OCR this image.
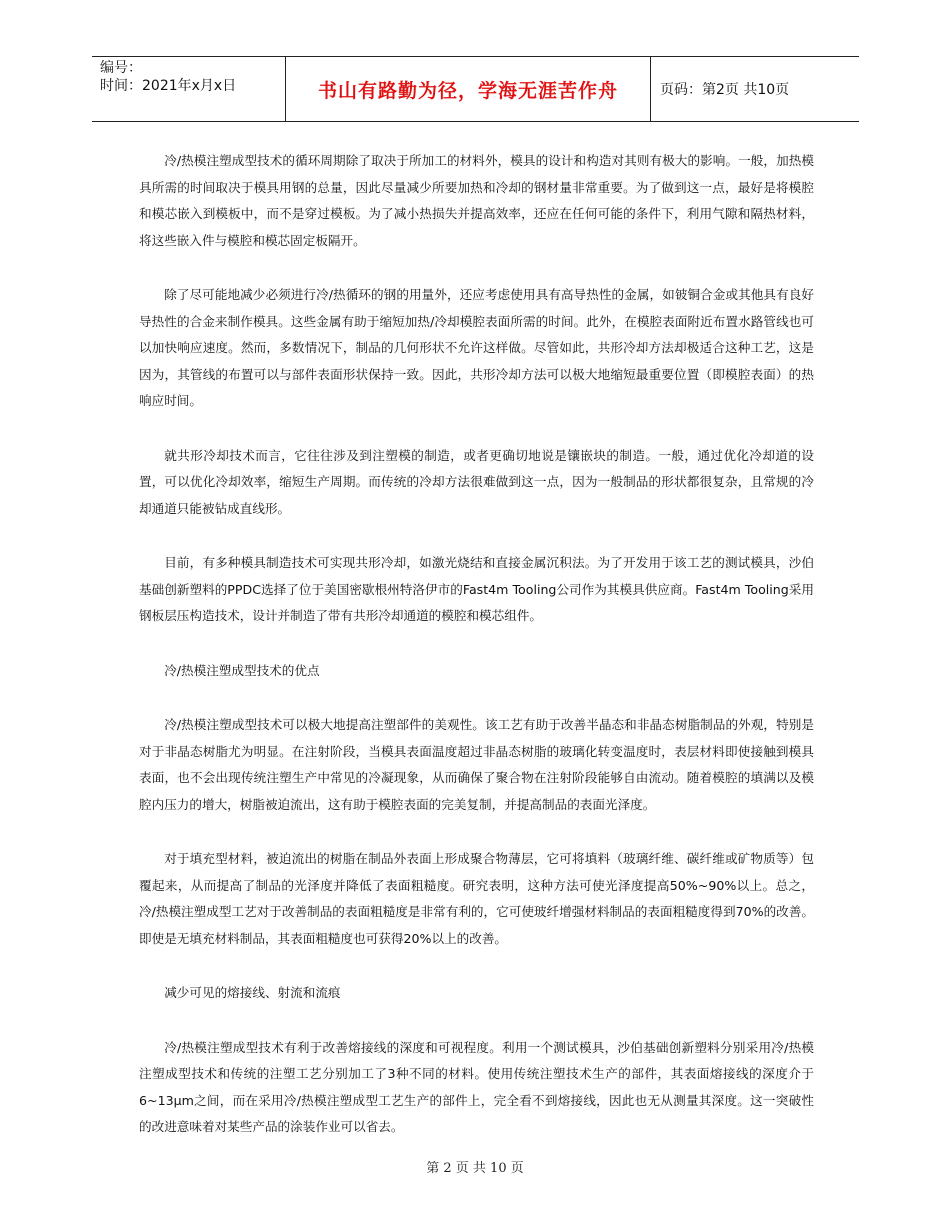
编号：
时间：2021年x月x日	书山有路勤为径，学海无涯苦作舟	页码：第2页 共10页

冷/热模注塑成型技术的循环周期除了取决于所加工的材料外，模具的设计和构造对其则有极大的影响。一般，加热模具所需的时间取决于模具用钢的总量，因此尽量减少所要加热和冷却的钢材量非常重要。为了做到这一点，最好是将模腔和模芯嵌入到模板中，而不是穿过模板。为了减小热损失并提高效率，还应在任何可能的条件下，利用气隙和隔热材料，将这些嵌入件与模腔和模芯固定板隔开。

除了尽可能地减少必须进行冷/热循环的钢的用量外，还应考虑使用具有高导热性的金属，如铍铜合金或其他具有良好导热性的合金来制作模具。这些金属有助于缩短加热/冷却模腔表面所需的时间。此外，在模腔表面附近布置水路管线也可以加快响应速度。然而，多数情况下，制品的几何形状不允许这样做。尽管如此，共形冷却方法却极适合这种工艺，这是因为，其管线的布置可以与部件表面形状保持一致。因此，共形冷却方法可以极大地缩短最重要位置（即模腔表面）的热响应时间。

就共形冷却技术而言，它往往涉及到注塑模的制造，或者更确切地说是镶嵌块的制造。一般，通过优化冷却道的设置，可以优化冷却效率，缩短生产周期。而传统的冷却方法很难做到这一点，因为一般制品的形状都很复杂，且常规的冷却通道只能被钻成直线形。

目前，有多种模具制造技术可实现共形冷却，如激光烧结和直接金属沉积法。为了开发用于该工艺的测试模具，沙伯基础创新塑料的PPDC选择了位于美国密歇根州特洛伊市的Fast4m Tooling公司作为其模具供应商。Fast4m Tooling采用钢板层压构造技术，设计并制造了带有共形冷却通道的模腔和模芯组件。

冷/热模注塑成型技术的优点

冷/热模注塑成型技术可以极大地提高注塑部件的美观性。该工艺有助于改善半晶态和非晶态树脂制品的外观，特别是对于非晶态树脂尤为明显。在注射阶段，当模具表面温度超过非晶态树脂的玻璃化转变温度时，表层材料即使接触到模具表面，也不会出现传统注塑生产中常见的冷凝现象，从而确保了聚合物在注射阶段能够自由流动。随着模腔的填满以及模腔内压力的增大，树脂被迫流出，这有助于模腔表面的完美复制，并提高制品的表面光泽度。

对于填充型材料，被迫流出的树脂在制品外表面上形成聚合物薄层，它可将填料（玻璃纤维、碳纤维或矿物质等）包覆起来，从而提高了制品的光泽度并降低了表面粗糙度。研究表明，这种方法可使光泽度提高50%~90%以上。总之，冷/热模注塑成型工艺对于改善制品的表面粗糙度是非常有利的，它可使玻纤增强材料制品的表面粗糙度得到70%的改善。即使是无填充材料制品，其表面粗糙度也可获得20%以上的改善。

减少可见的熔接线、射流和流痕

冷/热模注塑成型技术有利于改善熔接线的深度和可视程度。利用一个测试模具，沙伯基础创新塑料分别采用冷/热模注塑成型技术和传统的注塑工艺分别加工了3种不同的材料。使用传统注塑技术生产的部件，其表面熔接线的深度介于6~13μm之间，而在采用冷/热模注塑成型工艺生产的部件上，完全看不到熔接线，因此也无从测量其深度。这一突破性的改进意味着对某些产品的涂装作业可以省去。

第 2 页 共 10 页
